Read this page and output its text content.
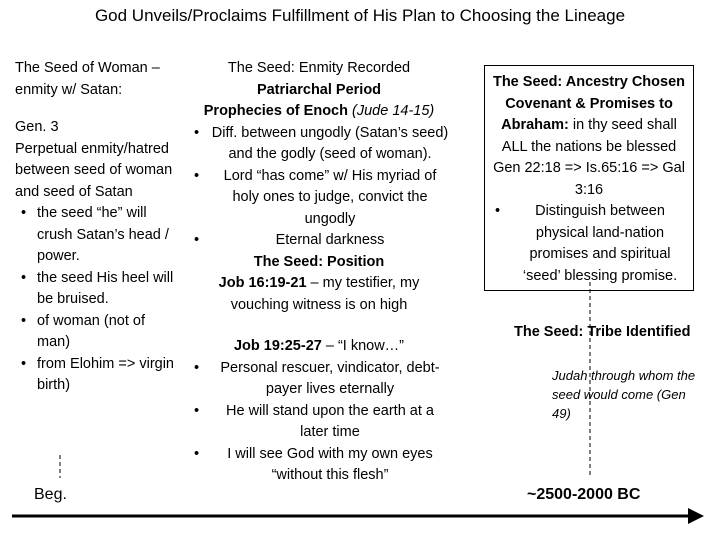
God Unveils/Proclaims Fulfillment of His Plan to Choosing the Lineage
The Seed of Woman – enmity w/ Satan:
Gen. 3
Perpetual enmity/hatred between seed of woman and seed of Satan
• the seed “he” will crush Satan’s head / power.
• the seed His heel will be bruised.
• of woman (not of man)
• from Elohim => virgin birth)
Beg.
The Seed: Enmity Recorded
Patriarchal Period
Prophecies of Enoch (Jude 14-15)
• Diff. between ungodly (Satan’s seed) and the godly (seed of woman).
• Lord “has come” w/ His myriad of holy ones to judge, convict the ungodly
• Eternal darkness
The Seed: Position
Job 16:19-21 – my testifier, my vouching witness is on high
Job 19:25-27 – “I know…”
• Personal rescuer, vindicator, debt-payer lives eternally
• He will stand upon the earth at a later time
• I will see God with my own eyes “without this flesh”
The Seed: Ancestry Chosen
Covenant & Promises to Abraham: in thy seed shall ALL the nations be blessed Gen 22:18 => Is.65:16 => Gal 3:16
• Distinguish between physical land-nation promises and spiritual ‘seed’ blessing promise.
The Seed: Tribe Identified
Judah through whom the seed would come (Gen 49)
~2500-2000 BC
